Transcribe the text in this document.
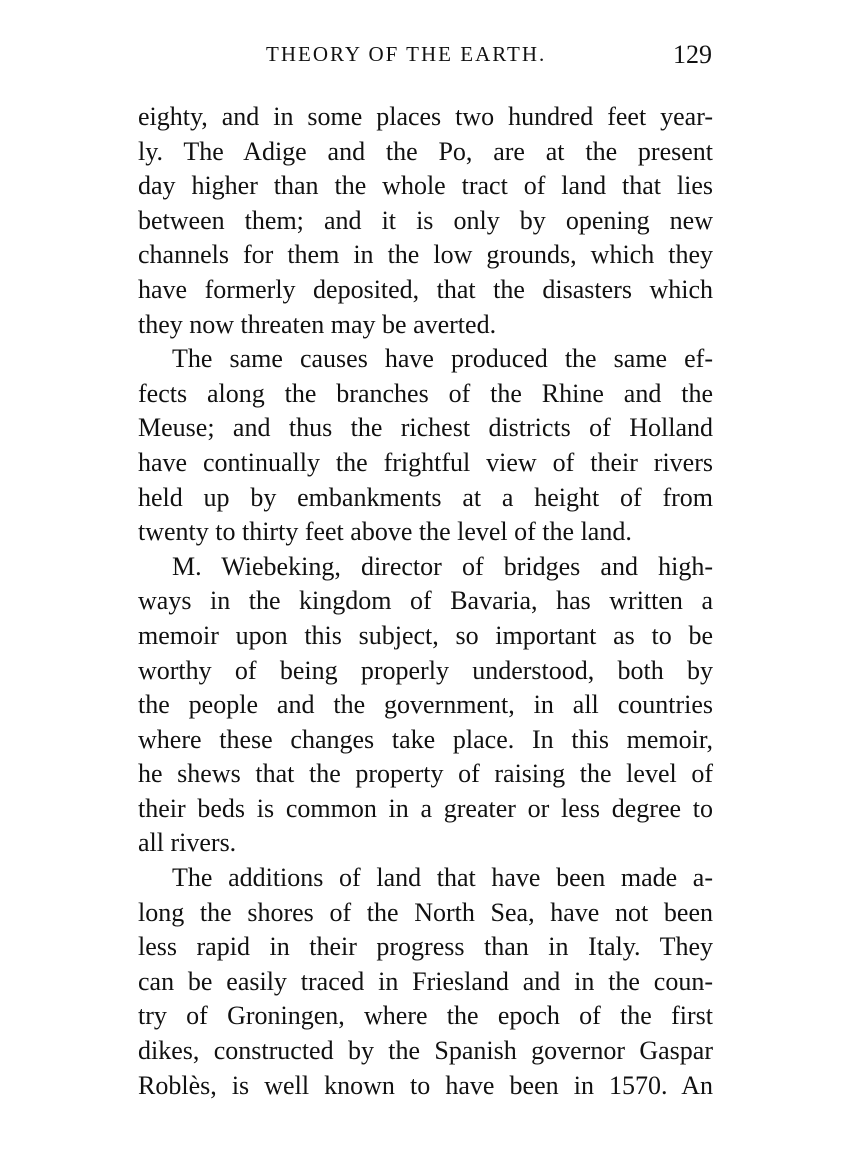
THEORY OF THE EARTH.	129
eighty, and in some places two hundred feet year-
ly. The Adige and the Po, are at the present
day higher than the whole tract of land that lies
between them; and it is only by opening new
channels for them in the low grounds, which they
have formerly deposited, that the disasters which
they now threaten may be averted.
The same causes have produced the same ef-
fects along the branches of the Rhine and the
Meuse; and thus the richest districts of Holland
have continually the frightful view of their rivers
held up by embankments at a height of from
twenty to thirty feet above the level of the land.
M. Wiebeking, director of bridges and high-
ways in the kingdom of Bavaria, has written a
memoir upon this subject, so important as to be
worthy of being properly understood, both by
the people and the government, in all countries
where these changes take place. In this memoir,
he shews that the property of raising the level of
their beds is common in a greater or less degree to
all rivers.
The additions of land that have been made a-
long the shores of the North Sea, have not been
less rapid in their progress than in Italy. They
can be easily traced in Friesland and in the coun-
try of Groningen, where the epoch of the first
dikes, constructed by the Spanish governor Gaspar
Roblès, is well known to have been in 1570. An
